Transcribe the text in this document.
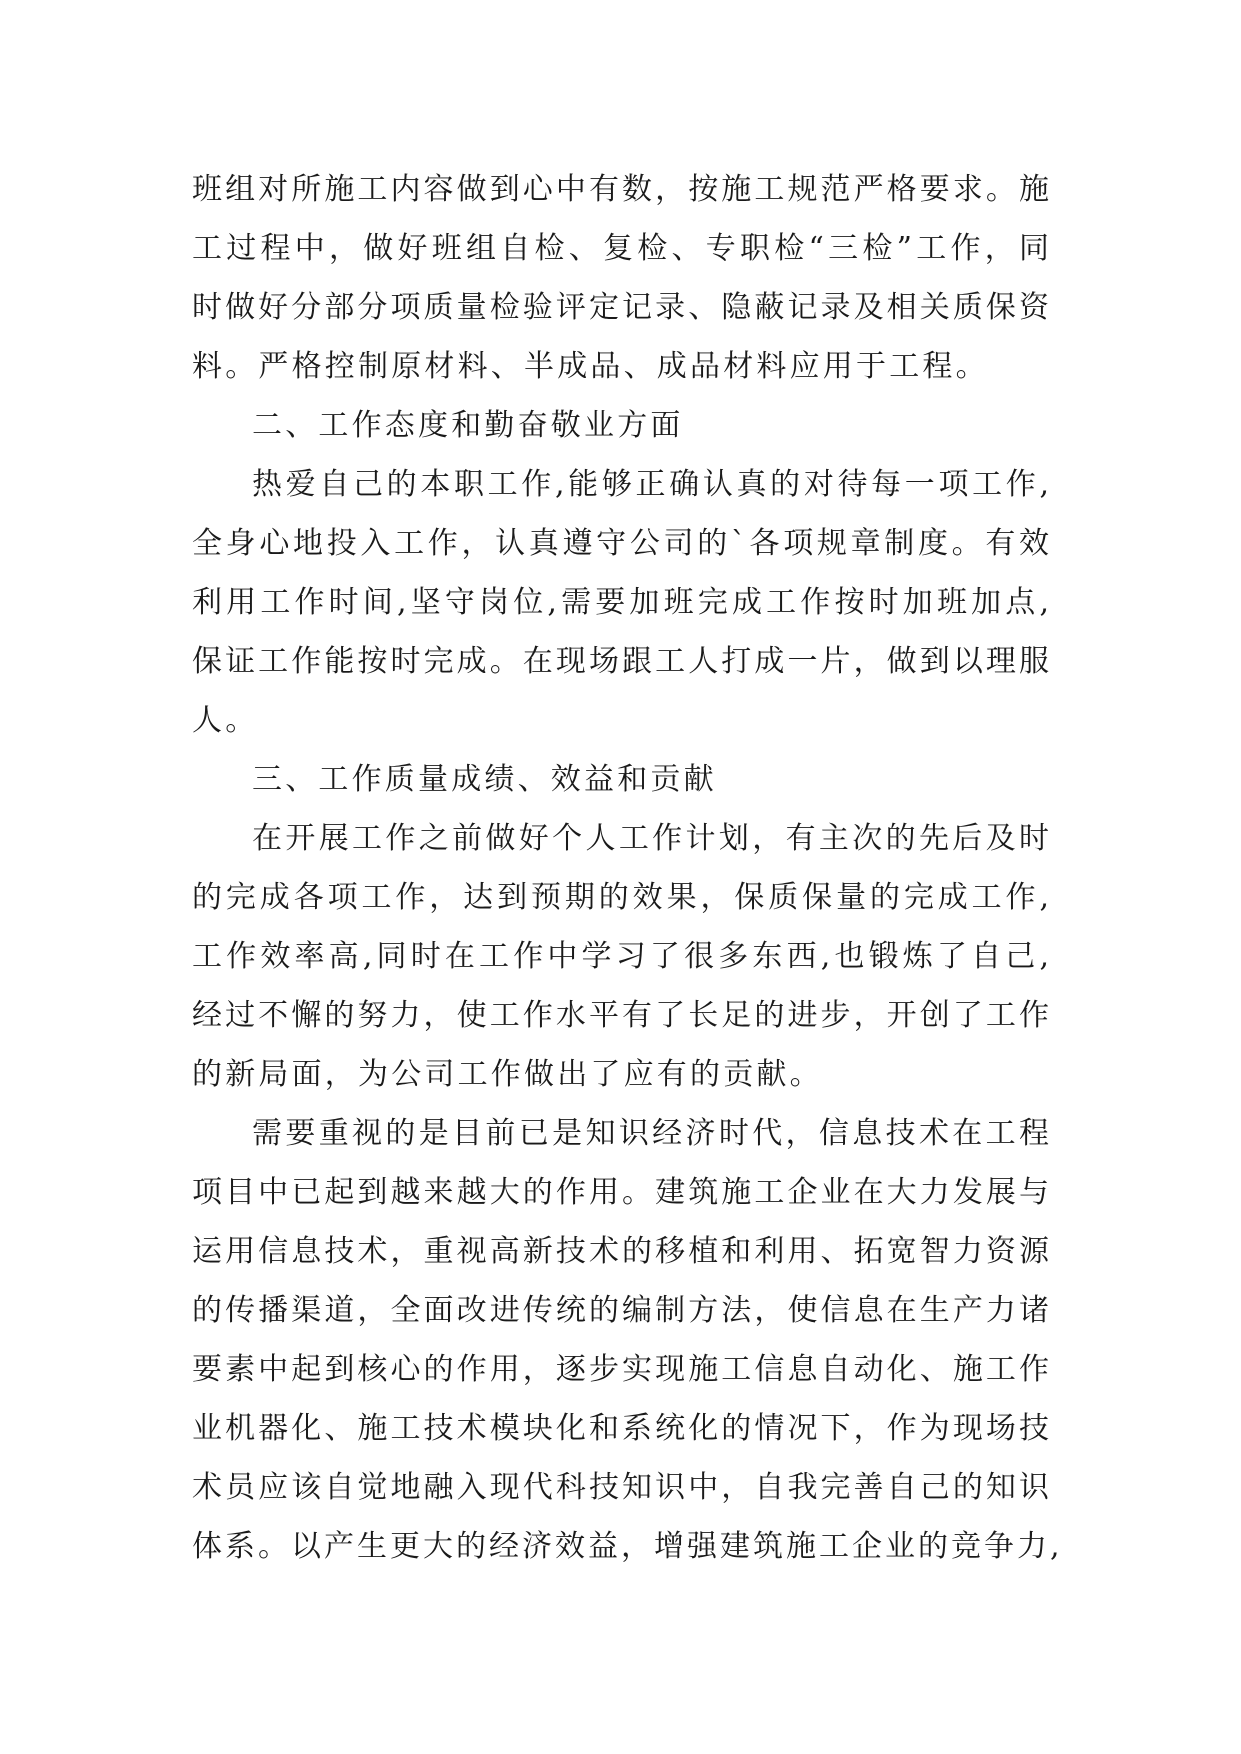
班组对所施工内容做到心中有数，按施工规范严格要求。施
工过程中，做好班组自检、复检、专职检“三检”工作，同
时做好分部分项质量检验评定记录、隐蔽记录及相关质保资
料。严格控制原材料、半成品、成品材料应用于工程。
二、工作态度和勤奋敬业方面
热爱自己的本职工作,能够正确认真的对待每一项工作,
全身心地投入工作，认真遵守公司的`各项规章制度。有效
利用工作时间,坚守岗位,需要加班完成工作按时加班加点,
保证工作能按时完成。在现场跟工人打成一片，做到以理服
人。
三、工作质量成绩、效益和贡献
在开展工作之前做好个人工作计划，有主次的先后及时
的完成各项工作，达到预期的效果，保质保量的完成工作,
工作效率高,同时在工作中学习了很多东西,也锻炼了自己,
经过不懈的努力，使工作水平有了长足的进步，开创了工作
的新局面，为公司工作做出了应有的贡献。
需要重视的是目前已是知识经济时代，信息技术在工程
项目中已起到越来越大的作用。建筑施工企业在大力发展与
运用信息技术，重视高新技术的移植和利用、拓宽智力资源
的传播渠道，全面改进传统的编制方法，使信息在生产力诸
要素中起到核心的作用，逐步实现施工信息自动化、施工作
业机器化、施工技术模块化和系统化的情况下，作为现场技
术员应该自觉地融入现代科技知识中，自我完善自己的知识
体系。以产生更大的经济效益，增强建筑施工企业的竞争力,
